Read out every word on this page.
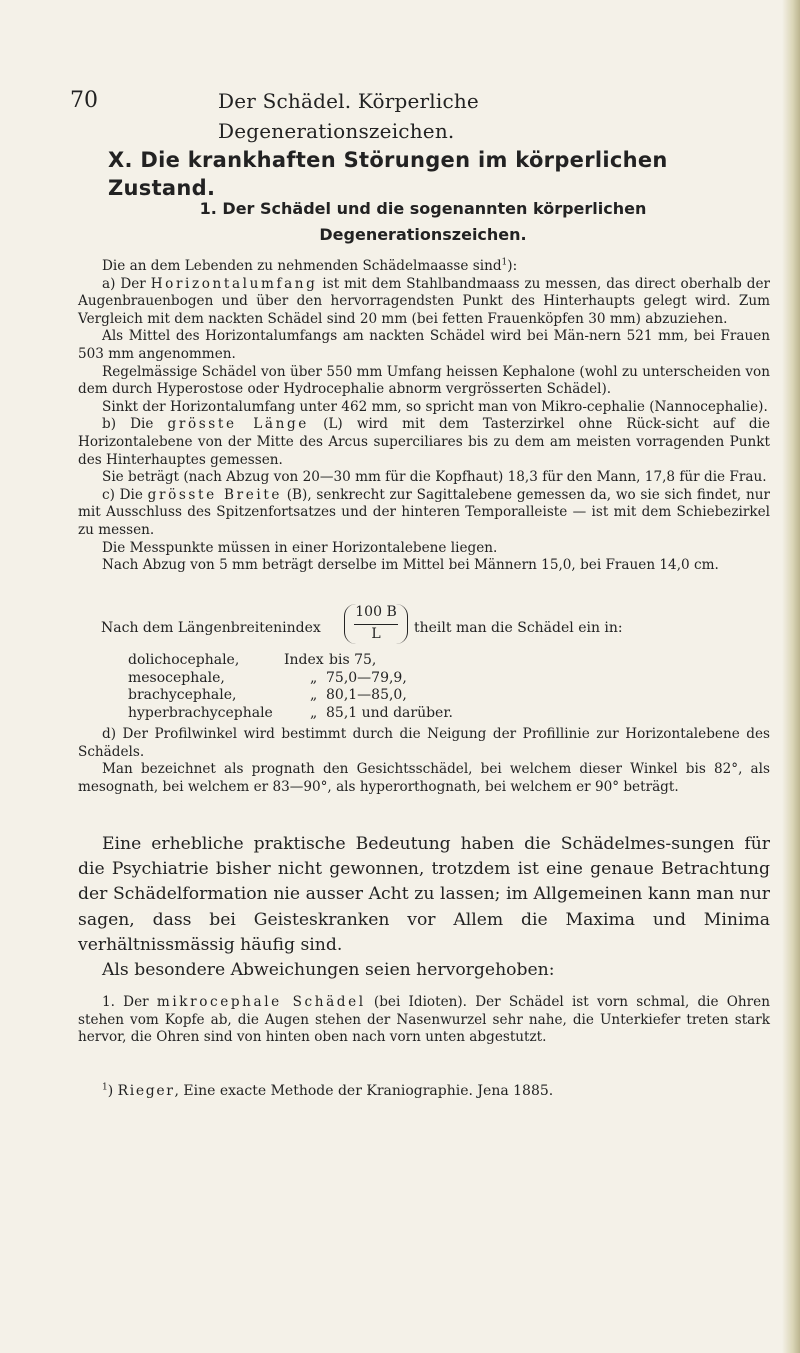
70	Der Schädel. Körperliche Degenerationszeichen.
X. Die krankhaften Störungen im körperlichen Zustand.
1. Der Schädel und die sogenannten körperlichen
Degenerationszeichen.

Die an dem Lebenden zu nehmenden Schädelmaasse sind$^1$):

a) Der Horizontalumfang ist mit dem Stahlbandmaass zu messen, das direct oberhalb der Augenbrauenbogen und über den hervorragendsten Punkt des Hinterhaupts gelegt wird. Zum Vergleich mit dem nackten Schädel sind 20 mm (bei fetten Frauenköpfen 30 mm) abzuziehen.

Als Mittel des Horizontalumfangs am nackten Schädel wird bei Män-nern 521 mm, bei Frauen 503 mm angenommen.

Regelmässige Schädel von über 550 mm Umfang heissen Kephalone (wohl zu unterscheiden von dem durch Hyperostose oder Hydrocephalie abnorm vergrösserten Schädel).

Sinkt der Horizontalumfang unter 462 mm, so spricht man von Mikro-cephalie (Nannocephalie).

b) Die grösste Länge (L) wird mit dem Tasterzirkel ohne Rück-sicht auf die Horizontalebene von der Mitte des Arcus superciliares bis zu dem am meisten vorragenden Punkt des Hinterhauptes gemessen.

Sie beträgt (nach Abzug von 20—30 mm für die Kopfhaut) 18,3 für den Mann, 17,8 für die Frau.

c) Die grösste Breite (B), senkrecht zur Sagittalebene gemessen da, wo sie sich findet, nur mit Ausschluss des Spitzenfortsatzes und der hinteren Temporalleiste — ist mit dem Schiebezirkel zu messen.

Die Messpunkte müssen in einer Horizontalebene liegen.

Nach Abzug von 5 mm beträgt derselbe im Mittel bei Männern 15,0, bei Frauen 14,0 cm.

Nach dem Längenbreitenindex
100 B
L	theilt man die Schädel ein in:
dolichocephale,	Index bis 75,
mesocephale,	„ 75,0—79,9,
brachycephale,	„ 80,1—85,0,
hyperbrachycephale	„ 85,1 und darüber.

d) Der Profilwinkel wird bestimmt durch die Neigung der Profillinie zur Horizontalebene des Schädels.

Man bezeichnet als prognath den Gesichtsschädel, bei welchem dieser Winkel bis 82°, als mesognath, bei welchem er 83—90°, als hyperorthognath, bei welchem er 90° beträgt.

Eine erhebliche praktische Bedeutung haben die Schädelmes-sungen für die Psychiatrie bisher nicht gewonnen, trotzdem ist eine genaue Betrachtung der Schädelformation nie ausser Acht zu lassen; im Allgemeinen kann man nur sagen, dass bei Geisteskranken vor Allem die Maxima und Minima verhältnissmässig häufig sind.

Als besondere Abweichungen seien hervorgehoben:

1. Der mikrocephale Schädel (bei Idioten). Der Schädel ist vorn schmal, die Ohren stehen vom Kopfe ab, die Augen stehen der Nasenwurzel sehr nahe, die Unterkiefer treten stark hervor, die Ohren sind von hinten oben nach vorn unten abgestutzt.

$^1$) Rieger, Eine exacte Methode der Kraniographie. Jena 1885.
